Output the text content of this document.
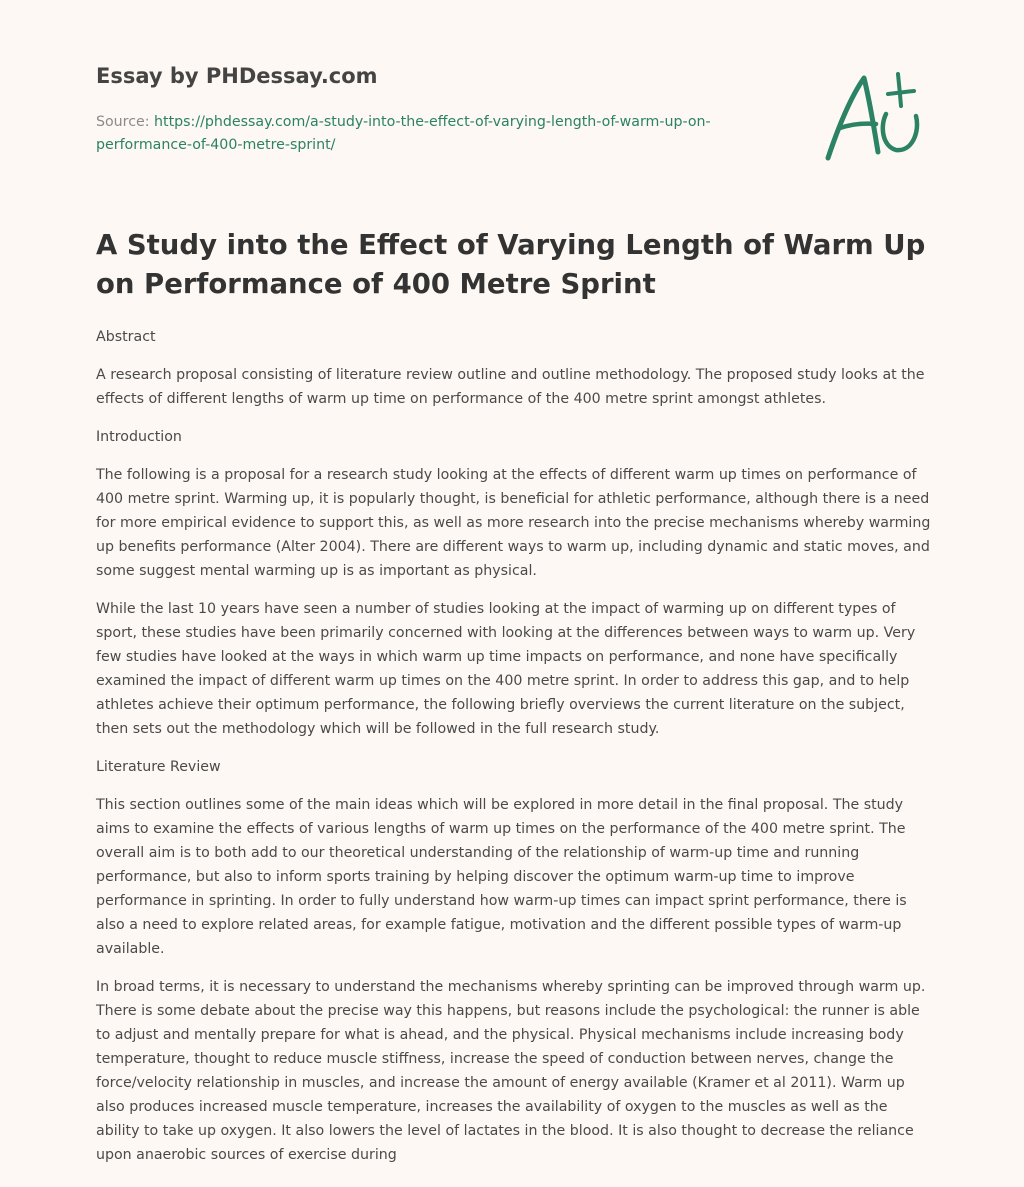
Essay by PHDessay.com
Source: https://phdessay.com/a-study-into-the-effect-of-varying-length-of-warm-up-on-performance-of-400-metre-sprint/
A Study into the Effect of Varying Length of Warm Up on Performance of 400 Metre Sprint

Abstract

A research proposal consisting of literature review outline and outline methodology. The proposed study looks at the effects of different lengths of warm up time on performance of the 400 metre sprint amongst athletes.

Introduction

The following is a proposal for a research study looking at the effects of different warm up times on performance of 400 metre sprint. Warming up, it is popularly thought, is beneficial for athletic performance, although there is a need for more empirical evidence to support this, as well as more research into the precise mechanisms whereby warming up benefits performance (Alter 2004). There are different ways to warm up, including dynamic and static moves, and some suggest mental warming up is as important as physical.

While the last 10 years have seen a number of studies looking at the impact of warming up on different types of sport, these studies have been primarily concerned with looking at the differences between ways to warm up. Very few studies have looked at the ways in which warm up time impacts on performance, and none have specifically examined the impact of different warm up times on the 400 metre sprint. In order to address this gap, and to help athletes achieve their optimum performance, the following briefly overviews the current literature on the subject, then sets out the methodology which will be followed in the full research study.

Literature Review

This section outlines some of the main ideas which will be explored in more detail in the final proposal. The study aims to examine the effects of various lengths of warm up times on the performance of the 400 metre sprint. The overall aim is to both add to our theoretical understanding of the relationship of warm-up time and running performance, but also to inform sports training by helping discover the optimum warm-up time to improve performance in sprinting. In order to fully understand how warm-up times can impact sprint performance, there is also a need to explore related areas, for example fatigue, motivation and the different possible types of warm-up available.

In broad terms, it is necessary to understand the mechanisms whereby sprinting can be improved through warm up. There is some debate about the precise way this happens, but reasons include the psychological: the runner is able to adjust and mentally prepare for what is ahead, and the physical. Physical mechanisms include increasing body temperature, thought to reduce muscle stiffness, increase the speed of conduction between nerves, change the force/velocity relationship in muscles, and increase the amount of energy available (Kramer et al 2011). Warm up also produces increased muscle temperature, increases the availability of oxygen to the muscles as well as the ability to take up oxygen. It also lowers the level of lactates in the blood. It is also thought to decrease the reliance upon anaerobic sources of exercise during
